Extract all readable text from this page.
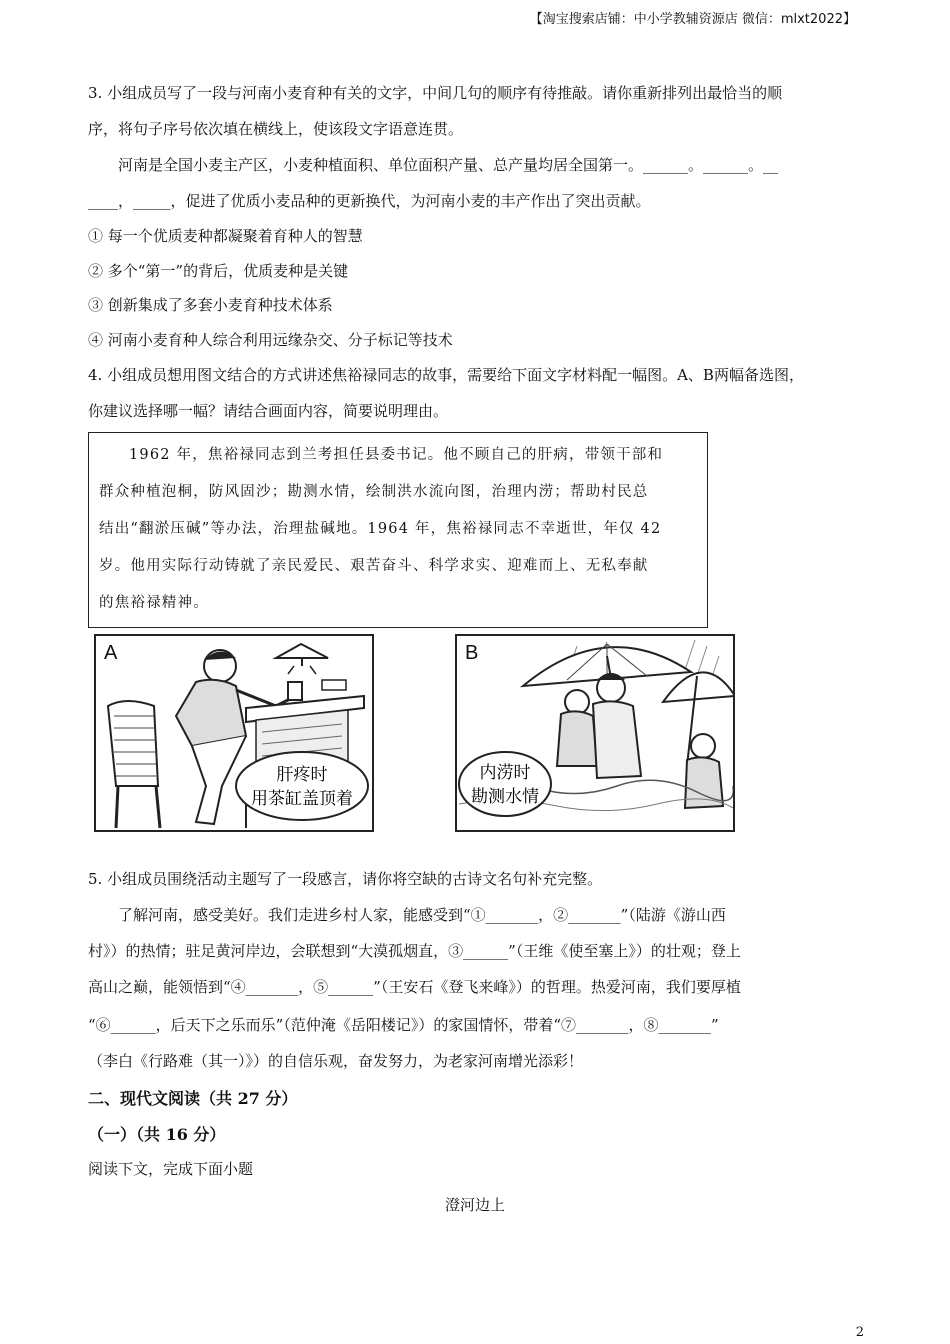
【淘宝搜索店铺：中小学教辅资源店 微信：mlxt2022】
3. 小组成员写了一段与河南小麦育种有关的文字，中间几句的顺序有待推敲。请你重新排列出最恰当的顺
序，将句子序号依次填在横线上，使该段文字语意连贯。
河南是全国小麦主产区，小麦种植面积、单位面积产量、总产量均居全国第一。______。______。__
____，_____，促进了优质小麦品种的更新换代，为河南小麦的丰产作出了突出贡献。
① 每一个优质麦种都凝聚着育种人的智慧
② 多个“第一”的背后，优质麦种是关键
③ 创新集成了多套小麦育种技术体系
④ 河南小麦育种人综合利用远缘杂交、分子标记等技术
4. 小组成员想用图文结合的方式讲述焦裕禄同志的故事，需要给下面文字材料配一幅图。A、B两幅备选图，
你建议选择哪一幅？请结合画面内容，简要说明理由。

1962 年，焦裕禄同志到兰考担任县委书记。他不顾自己的肝病，带领干部和

群众种植泡桐，防风固沙；勘测水情，绘制洪水流向图，治理内涝；帮助村民总

结出“翻淤压碱”等办法，治理盐碱地。1964 年，焦裕禄同志不幸逝世，年仅 42

岁。他用实际行动铸就了亲民爱民、艰苦奋斗、科学求实、迎难而上、无私奉献

的焦裕禄精神。

A
肝疼时
用茶缸盖顶着
B
内涝时
勘测水情
5. 小组成员围绕活动主题写了一段感言，请你将空缺的古诗文名句补充完整。
了解河南，感受美好。我们走进乡村人家，能感受到“①_______，②_______”（陆游《游山西
村》）的热情；驻足黄河岸边，会联想到“大漠孤烟直，③______”（王维《使至塞上》）的壮观；登上
高山之巅，能领悟到“④_______，⑤______”（王安石《登飞来峰》）的哲理。热爱河南，我们要厚植
“⑥______，后天下之乐而乐”（范仲淹《岳阳楼记》）的家国情怀，带着“⑦_______，⑧_______”
（李白《行路难（其一）》）的自信乐观，奋发努力，为老家河南增光添彩！
二、现代文阅读（共 27 分）
（一）（共 16 分）
阅读下文，完成下面小题
澄河边上
2
